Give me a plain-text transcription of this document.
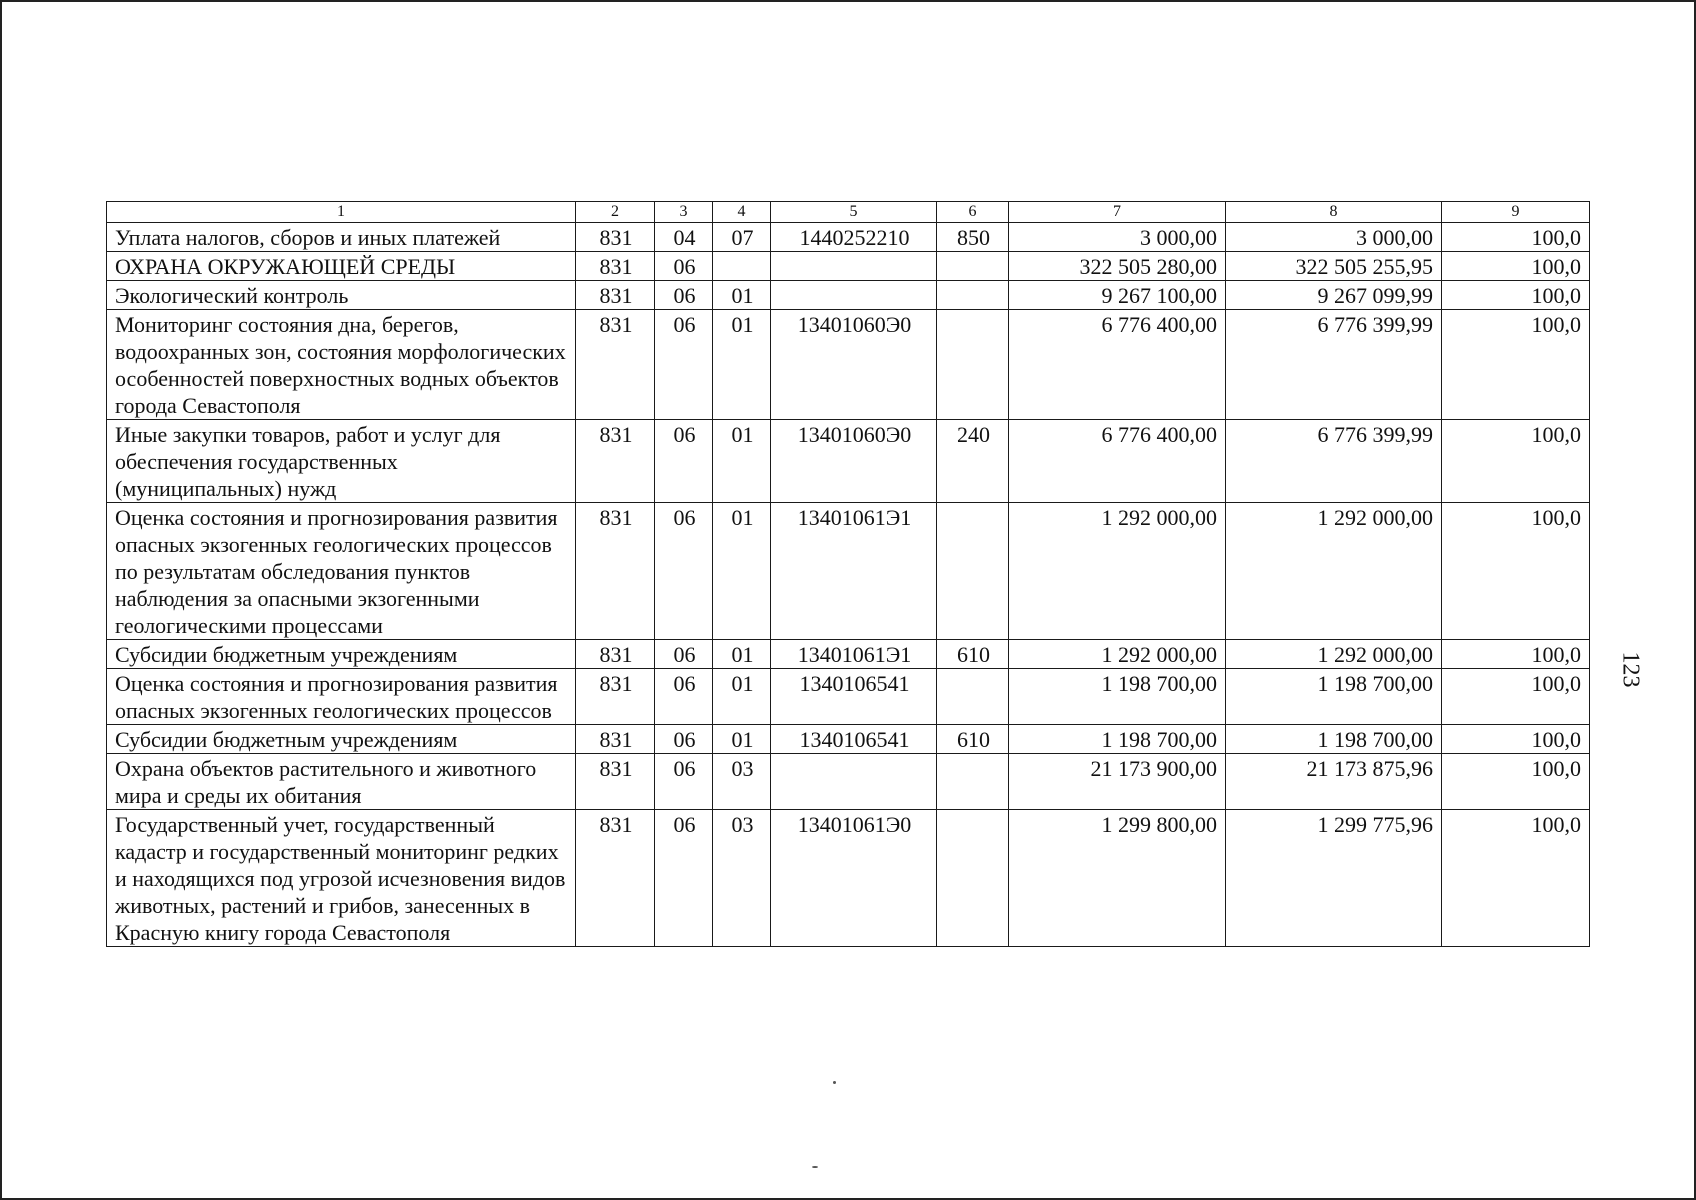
1	2	3	4	5	6	7	8	9
Уплата налогов, сборов и иных платежей	831	04	07	1440252210	850	3 000,00	3 000,00	100,0
ОХРАНА ОКРУЖАЮЩЕЙ СРЕДЫ	831	06				322 505 280,00	322 505 255,95	100,0
Экологический контроль	831	06	01			9 267 100,00	9 267 099,99	100,0
Мониторинг состояния дна, берегов, водоохранных зон, состояния морфологических особенностей поверхностных водных объектов города Севастополя	831	06	01	13401060Э0		6 776 400,00	6 776 399,99	100,0
Иные закупки товаров, работ и услуг для обеспечения государственных (муниципальных) нужд	831	06	01	13401060Э0	240	6 776 400,00	6 776 399,99	100,0
Оценка состояния и прогнозирования развития опасных экзогенных геологических процессов по результатам обследования пунктов наблюдения за опасными экзогенными геологическими процессами	831	06	01	13401061Э1		1 292 000,00	1 292 000,00	100,0
Субсидии бюджетным учреждениям	831	06	01	13401061Э1	610	1 292 000,00	1 292 000,00	100,0
Оценка состояния и прогнозирования развития опасных экзогенных геологических процессов	831	06	01	1340106541		1 198 700,00	1 198 700,00	100,0
Субсидии бюджетным учреждениям	831	06	01	1340106541	610	1 198 700,00	1 198 700,00	100,0
Охрана объектов растительного и животного мира и среды их обитания	831	06	03			21 173 900,00	21 173 875,96	100,0
Государственный учет, государственный кадастр и государственный мониторинг редких и находящихся под угрозой исчезновения видов животных, растений и грибов, занесенных в Красную книгу города Севастополя	831	06	03	13401061Э0		1 299 800,00	1 299 775,96	100,0
123
